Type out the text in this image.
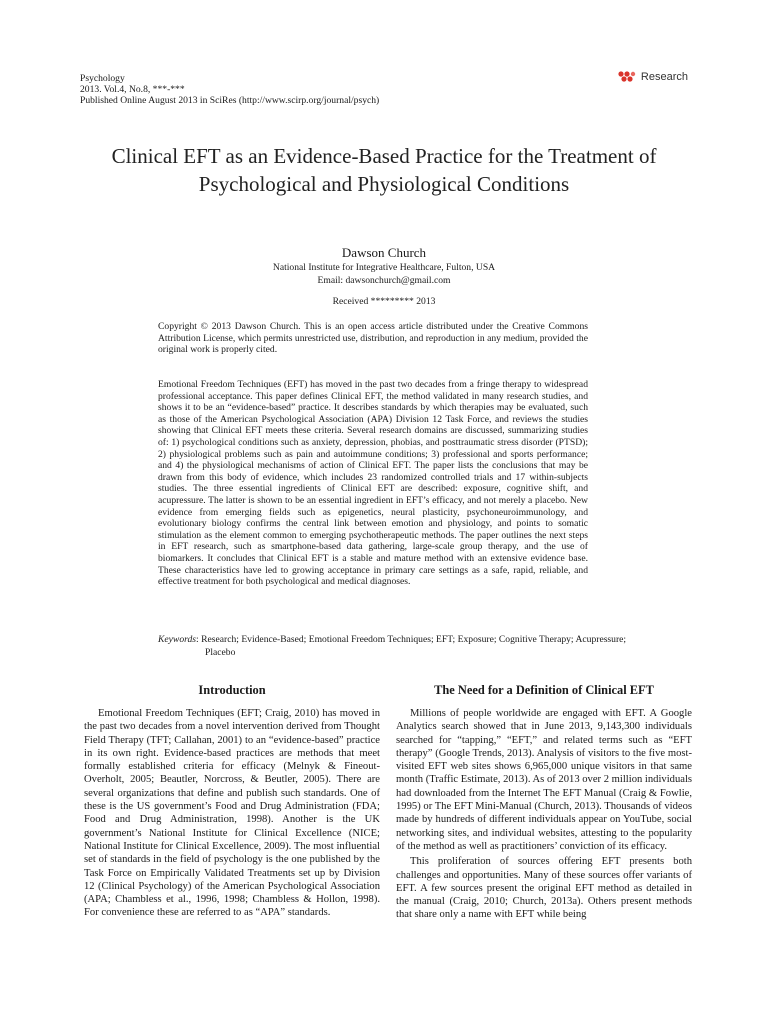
Psychology
2013. Vol.4, No.8, ***-***
Published Online August 2013 in SciRes (http://www.scirp.org/journal/psych)
Research
Clinical EFT as an Evidence-Based Practice for the Treatment of Psychological and Physiological Conditions
Dawson Church
National Institute for Integrative Healthcare, Fulton, USA
Email: dawsonchurch@gmail.com
Received ********* 2013
Copyright © 2013 Dawson Church. This is an open access article distributed under the Creative Commons Attribution License, which permits unrestricted use, distribution, and reproduction in any medium, provided the original work is properly cited.
Emotional Freedom Techniques (EFT) has moved in the past two decades from a fringe therapy to widespread professional acceptance. This paper defines Clinical EFT, the method validated in many research studies, and shows it to be an “evidence-based” practice. It describes standards by which therapies may be evaluated, such as those of the American Psychological Association (APA) Division 12 Task Force, and reviews the studies showing that Clinical EFT meets these criteria. Several research domains are discussed, summarizing studies of: 1) psychological conditions such as anxiety, depression, phobias, and posttraumatic stress disorder (PTSD); 2) physiological problems such as pain and autoimmune conditions; 3) professional and sports performance; and 4) the physiological mechanisms of action of Clinical EFT. The paper lists the conclusions that may be drawn from this body of evidence, which includes 23 randomized controlled trials and 17 within-subjects studies. The three essential ingredients of Clinical EFT are described: exposure, cognitive shift, and acupressure. The latter is shown to be an essential ingredient in EFT’s efficacy, and not merely a placebo. New evidence from emerging fields such as epigenetics, neural plasticity, psychoneuroimmunology, and evolutionary biology confirms the central link between emotion and physiology, and points to somatic stimulation as the element common to emerging psychotherapeutic methods. The paper outlines the next steps in EFT research, such as smartphone-based data gathering, large-scale group therapy, and the use of biomarkers. It concludes that Clinical EFT is a stable and mature method with an extensive evidence base. These characteristics have led to growing acceptance in primary care settings as a safe, rapid, reliable, and effective treatment for both psychological and medical diagnoses.
Keywords: Research; Evidence-Based; Emotional Freedom Techniques; EFT; Exposure; Cognitive Therapy; Acupressure; Placebo
Introduction

Emotional Freedom Techniques (EFT; Craig, 2010) has moved in the past two decades from a novel intervention derived from Thought Field Therapy (TFT; Callahan, 2001) to an “evidence-based” practice in its own right. Evidence-based practices are methods that meet formally established criteria for efficacy (Melnyk & Fineout-Overholt, 2005; Beautler, Norcross, & Beutler, 2005). There are several organizations that define and publish such standards. One of these is the US government’s Food and Drug Administration (FDA; Food and Drug Administration, 1998). Another is the UK government’s National Institute for Clinical Excellence (NICE; National Institute for Clinical Excellence, 2009). The most influential set of standards in the field of psychology is the one published by the Task Force on Empirically Validated Treatments set up by Division 12 (Clinical Psychology) of the American Psychological Association (APA; Chambless et al., 1996, 1998; Chambless & Hollon, 1998). For convenience these are referred to as “APA” standards.

The Need for a Definition of Clinical EFT

Millions of people worldwide are engaged with EFT. A Google Analytics search showed that in June 2013, 9,143,300 individuals searched for “tapping,” “EFT,” and related terms such as “EFT therapy” (Google Trends, 2013). Analysis of visitors to the five most-visited EFT web sites shows 6,965,000 unique visitors in that same month (Traffic Estimate, 2013). As of 2013 over 2 million individuals had downloaded from the Internet The EFT Manual (Craig & Fowlie, 1995) or The EFT Mini-Manual (Church, 2013). Thousands of videos made by hundreds of different individuals appear on YouTube, social networking sites, and individual websites, attesting to the popularity of the method as well as practitioners’ conviction of its efficacy.

This proliferation of sources offering EFT presents both challenges and opportunities. Many of these sources offer variants of EFT. A few sources present the original EFT method as detailed in the manual (Craig, 2010; Church, 2013a). Others present methods that share only a name with EFT while being
